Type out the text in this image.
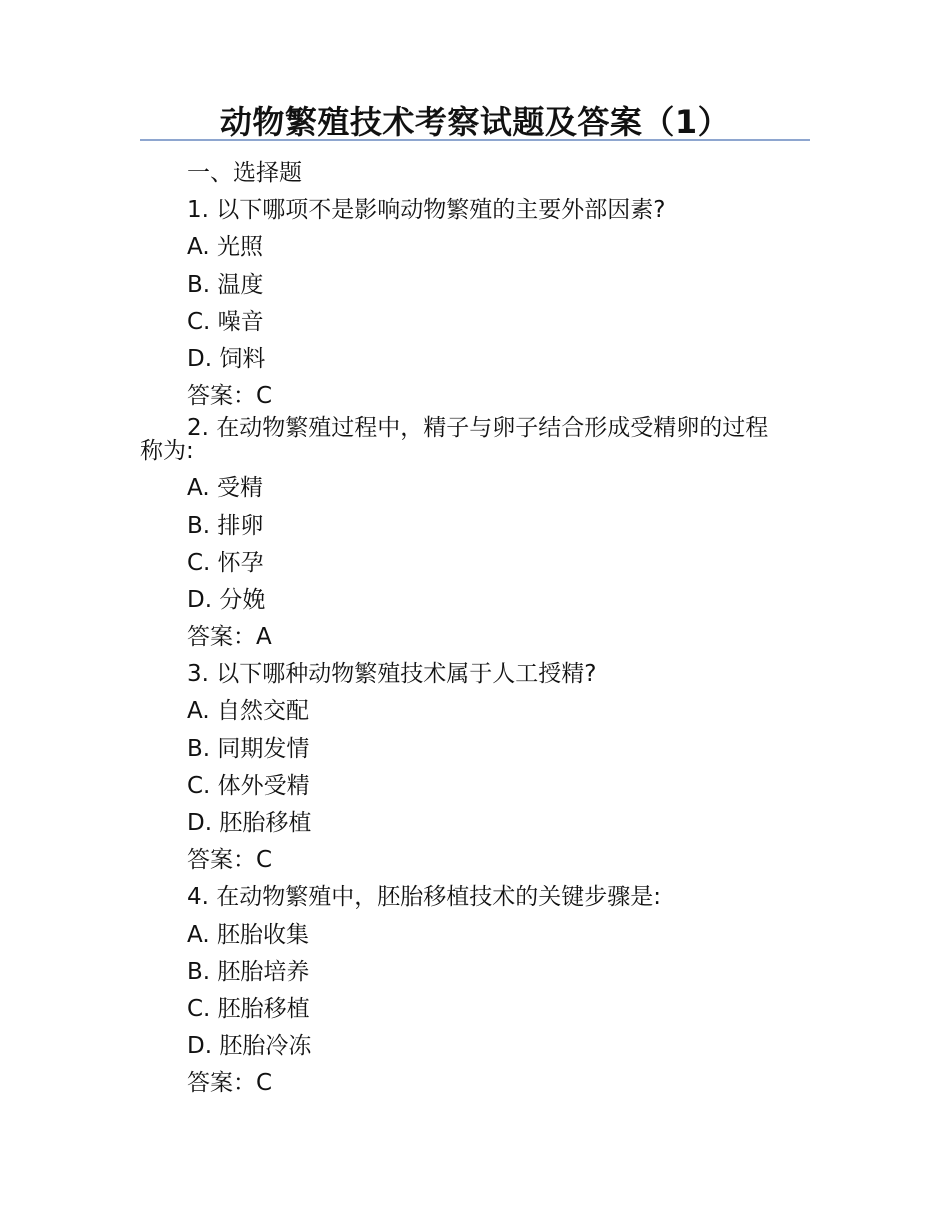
动物繁殖技术考察试题及答案（1）
一、选择题
1. 以下哪项不是影响动物繁殖的主要外部因素?
A. 光照
B. 温度
C. 噪音
D. 饲料
答案：C
2. 在动物繁殖过程中，精子与卵子结合形成受精卵的过程
称为:
A. 受精
B. 排卵
C. 怀孕
D. 分娩
答案：A
3. 以下哪种动物繁殖技术属于人工授精?
A. 自然交配
B. 同期发情
C. 体外受精
D. 胚胎移植
答案：C
4. 在动物繁殖中，胚胎移植技术的关键步骤是:
A. 胚胎收集
B. 胚胎培养
C. 胚胎移植
D. 胚胎冷冻
答案：C
